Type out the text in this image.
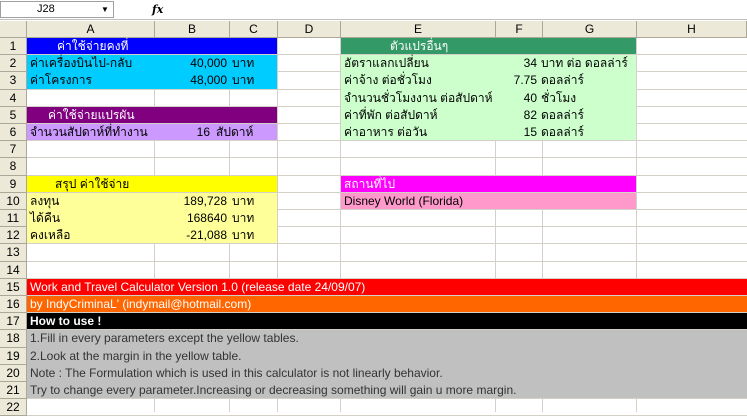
J28	▼	fx
A	B	C	D	E	F	G	H
1
2
3
4
5
6
7
8
9
10
11
12
13
14
15
16
17
18
19
20
21
22
ค่าใช้จ่ายคงที่
ค่าเครื่องบินไป-กลับ	40,000 บาท
ค่าโครงการ	48,000 บาท
ค่าใช้จ่ายแปรผัน
จำนวนสัปดาห์ที่ทำงาน	16 สัปดาห์
สรุป ค่าใช้จ่าย
ลงทุน	189,728 บาท
ได้คืน	168640 บาท
คงเหลือ	-21,088 บาท
ตัวแปรอื่นๆ
อัตราแลกเปลี่ยน	34 บาท ต่อ ดอลล่าร์
ค่าจ้าง ต่อชั่วโมง	7.75 ดอลล่าร์
จำนวนชั่วโมงงาน ต่อสัปดาห์	40 ชั่วโมง
ค่าที่พัก ต่อสัปดาห์	82 ดอลล่าร์
ค่าอาหาร ต่อวัน	15 ดอลล่าร์
สถานที่ไป
Disney World (Florida)
Work and Travel Calculator Version 1.0 (release date 24/09/07)
by IndyCriminaL' (indymail@hotmail.com)
How to use !
1.Fill in every parameters except the yellow tables.
2.Look at the margin in the yellow table.
Note : The Formulation which is used in this calculator is not linearly behavior.
Try to change every parameter.Increasing or decreasing something will gain u more margin.
